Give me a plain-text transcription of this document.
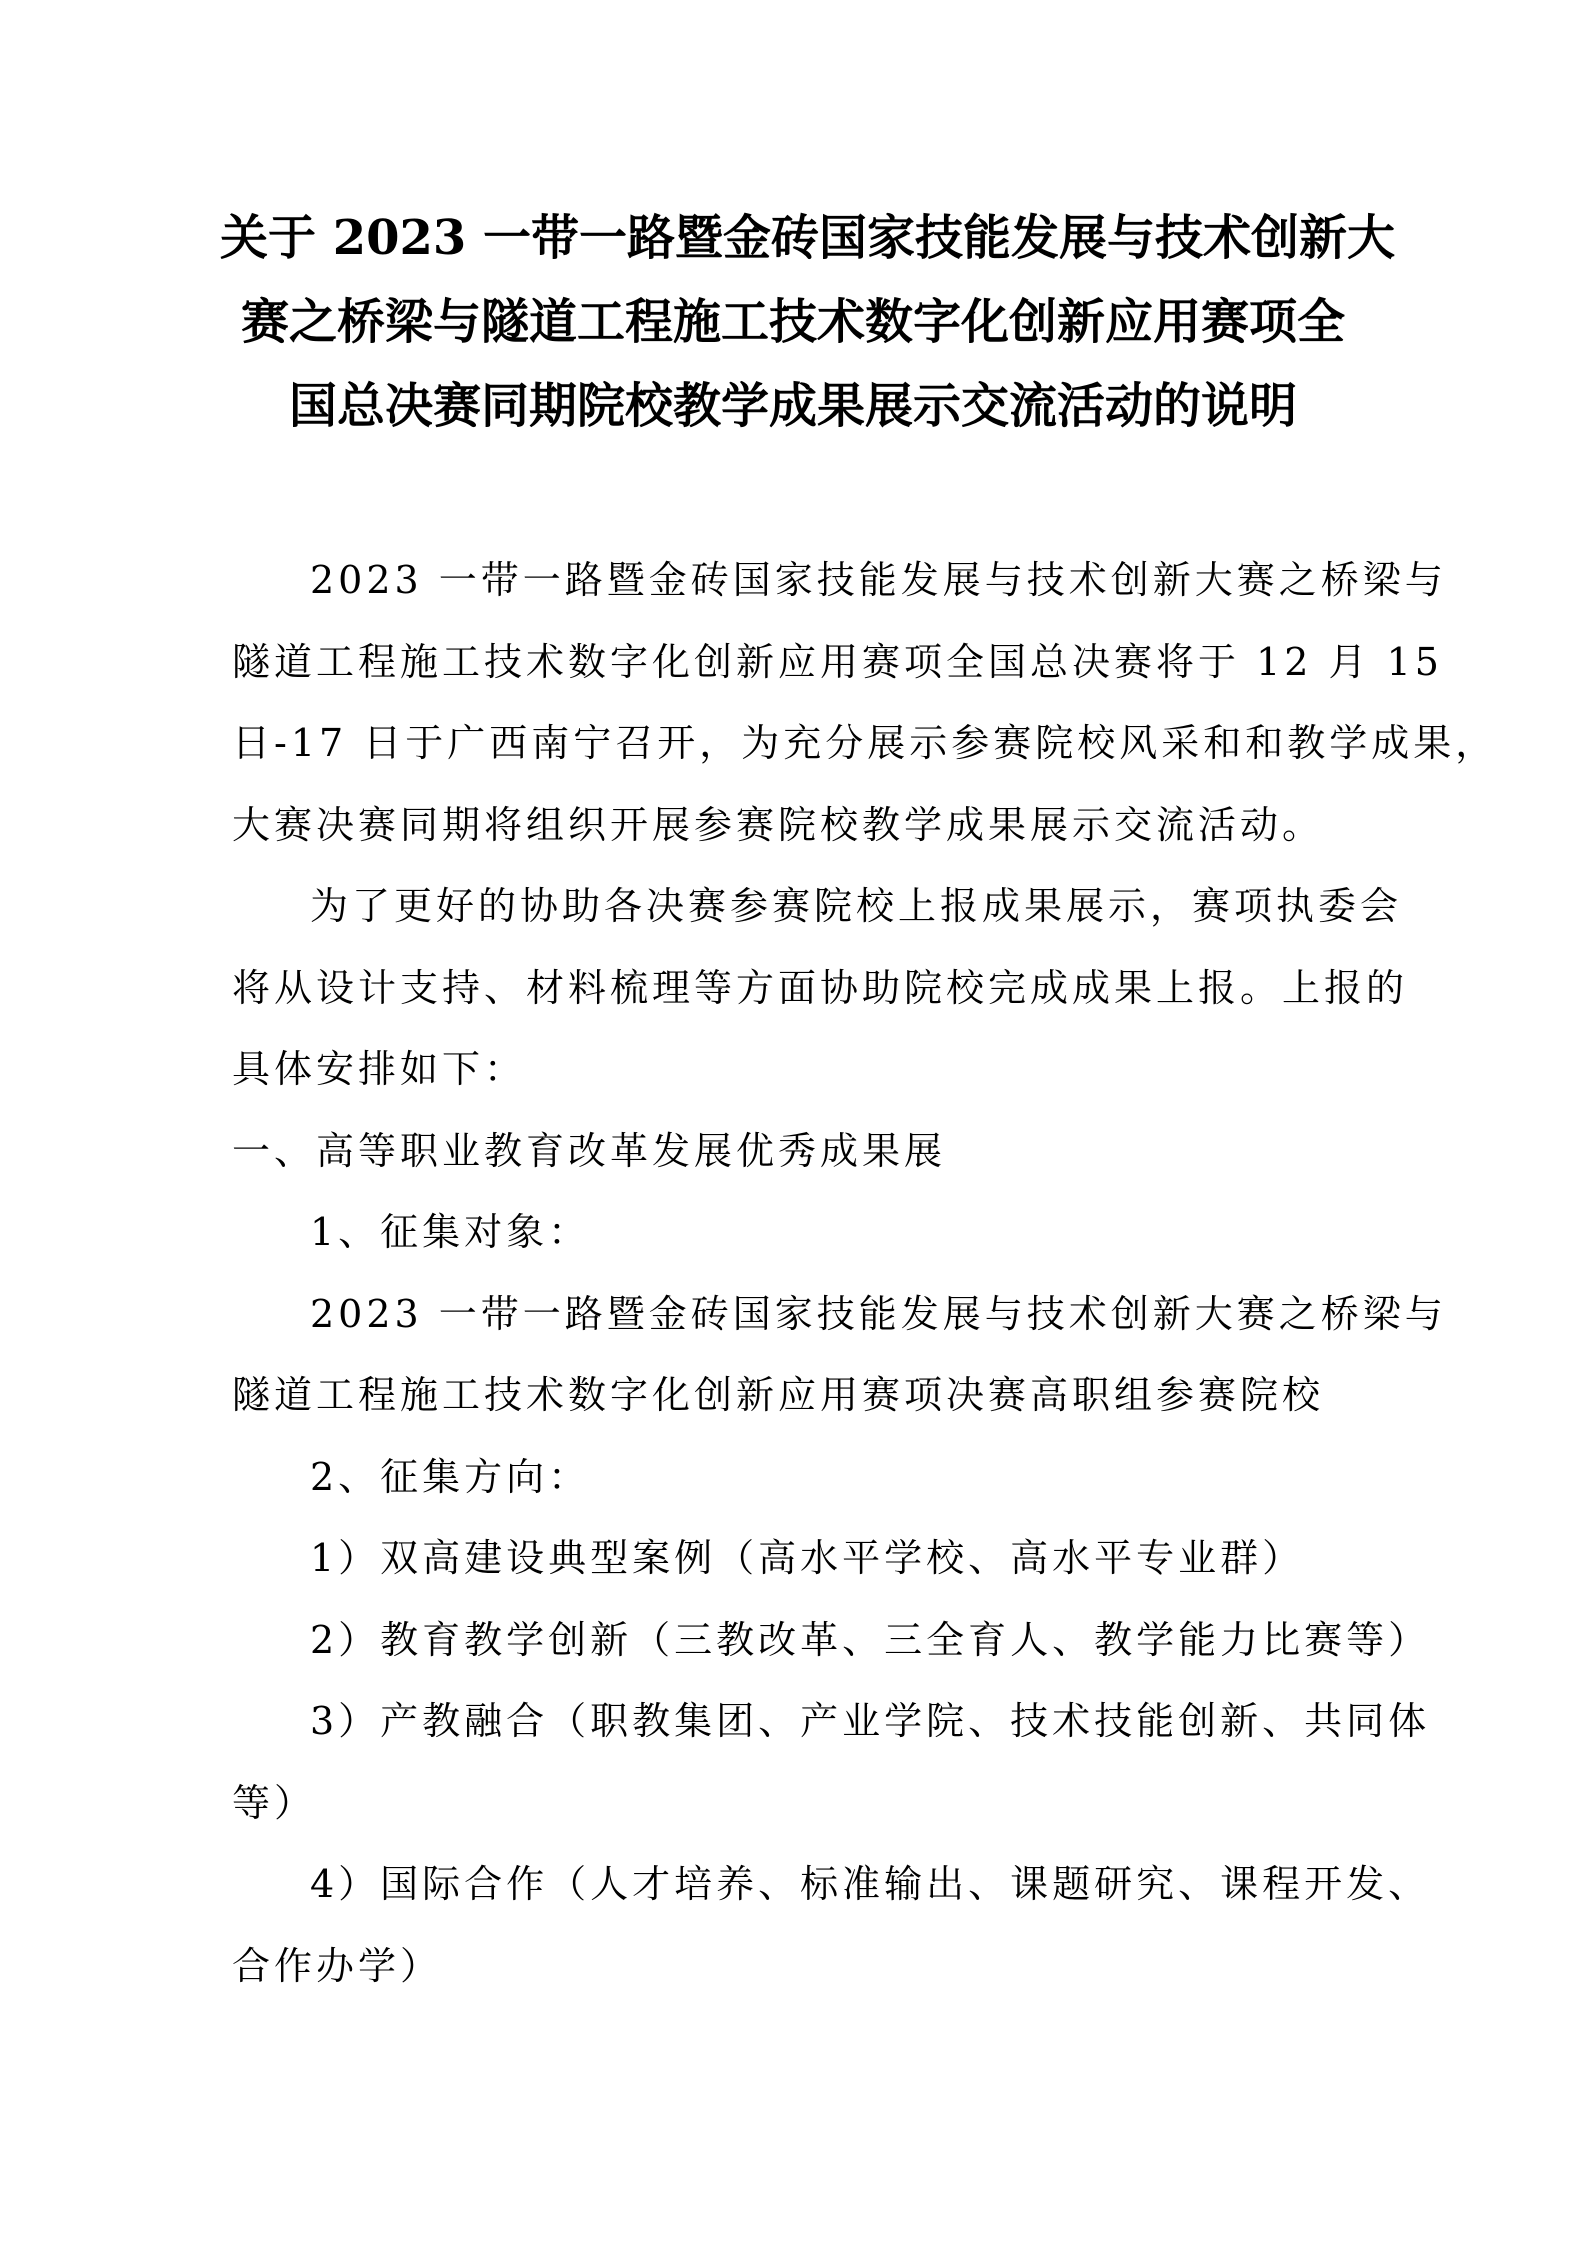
关于 2023 一带一路暨金砖国家技能发展与技术创新大
赛之桥梁与隧道工程施工技术数字化创新应用赛项全
国总决赛同期院校教学成果展示交流活动的说明
2023 一带一路暨金砖国家技能发展与技术创新大赛之桥梁与
隧道工程施工技术数字化创新应用赛项全国总决赛将于 12 月 15
日-17 日于广西南宁召开，为充分展示参赛院校风采和和教学成果，
大赛决赛同期将组织开展参赛院校教学成果展示交流活动。
为了更好的协助各决赛参赛院校上报成果展示，赛项执委会
将从设计支持、材料梳理等方面协助院校完成成果上报。上报的
具体安排如下：
一、高等职业教育改革发展优秀成果展
1、征集对象：
2023 一带一路暨金砖国家技能发展与技术创新大赛之桥梁与
隧道工程施工技术数字化创新应用赛项决赛高职组参赛院校
2、征集方向：
1）双高建设典型案例（高水平学校、高水平专业群）
2）教育教学创新（三教改革、三全育人、教学能力比赛等）
3）产教融合（职教集团、产业学院、技术技能创新、共同体
等）
4）国际合作（人才培养、标准输出、课题研究、课程开发、
合作办学）
